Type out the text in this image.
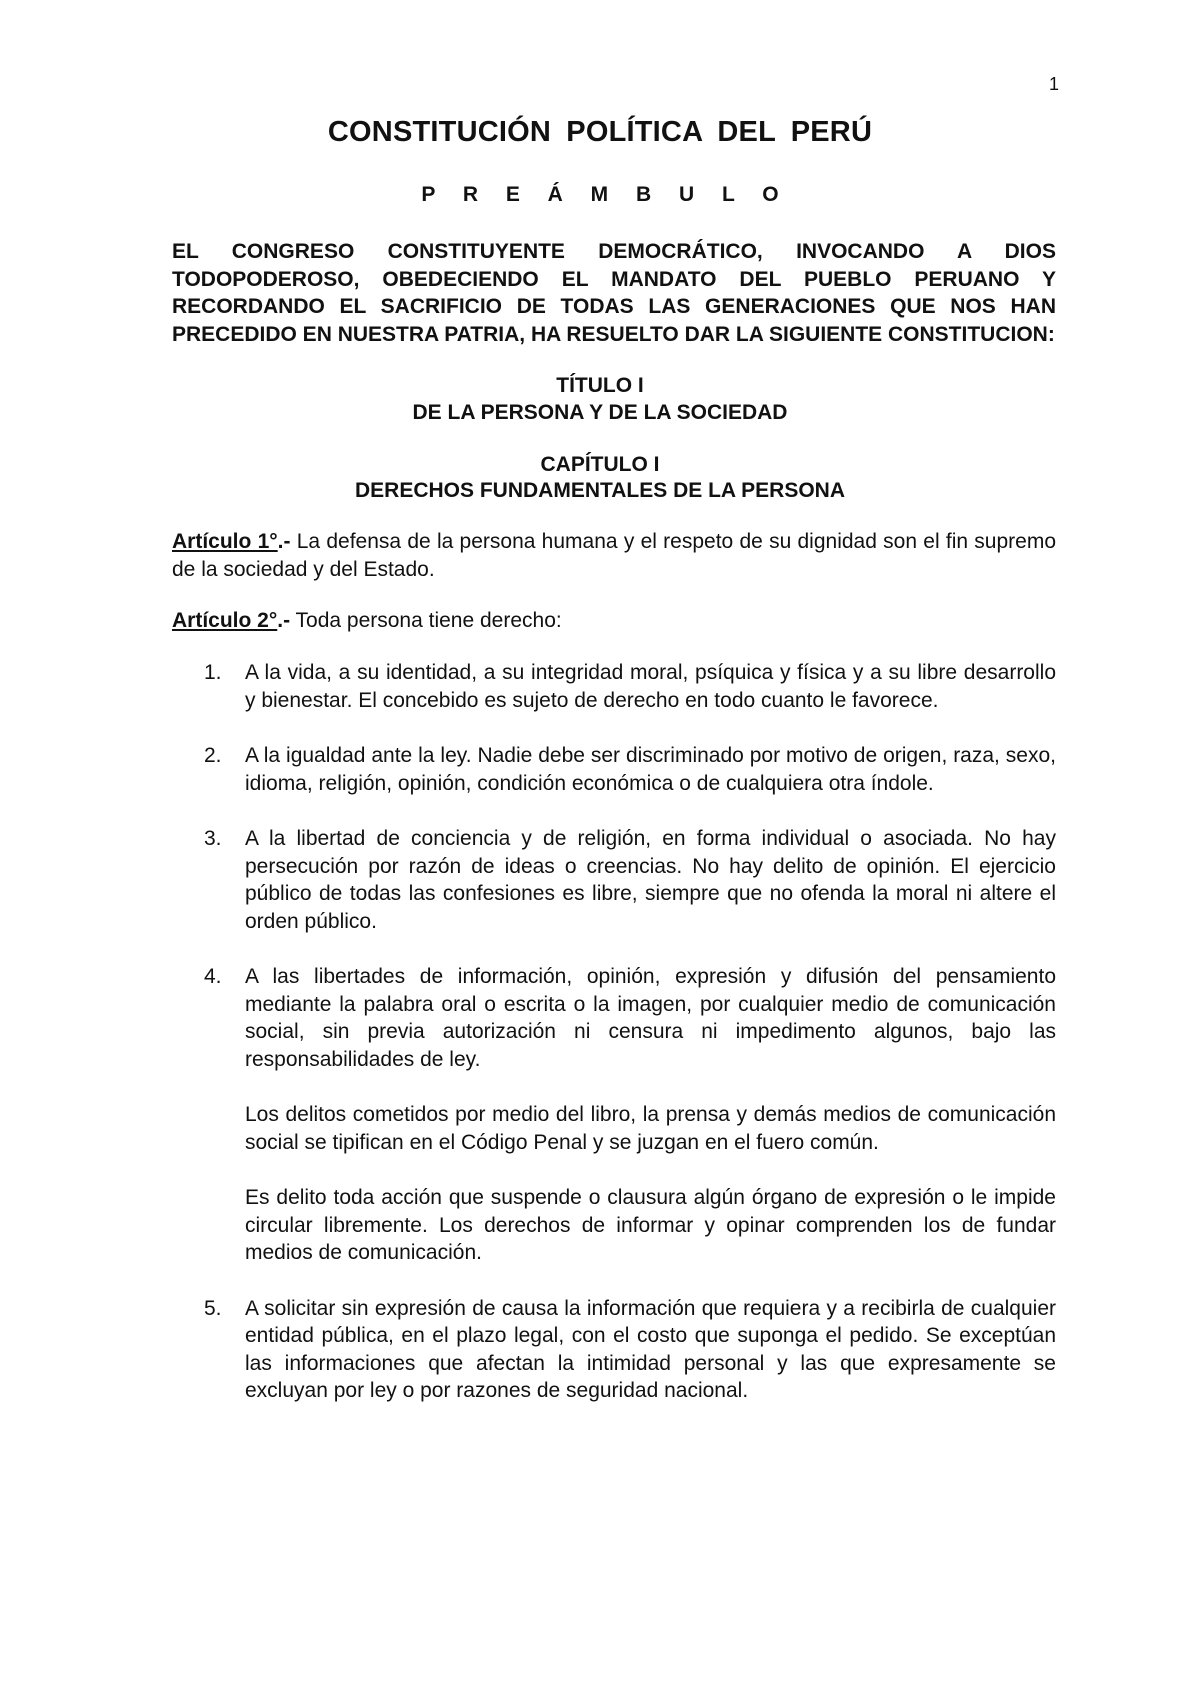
1
CONSTITUCIÓN POLÍTICA DEL PERÚ
P R E Á M B U L O
EL CONGRESO CONSTITUYENTE DEMOCRÁTICO, INVOCANDO A DIOS TODOPODEROSO, OBEDECIENDO EL MANDATO DEL PUEBLO PERUANO Y RECORDANDO EL SACRIFICIO DE TODAS LAS GENERACIONES QUE NOS HAN PRECEDIDO EN NUESTRA PATRIA, HA RESUELTO DAR LA SIGUIENTE CONSTITUCION:
TÍTULO I
DE LA PERSONA Y DE LA SOCIEDAD
CAPÍTULO I
DERECHOS FUNDAMENTALES DE LA PERSONA
Artículo 1°.- La defensa de la persona humana y el respeto de su dignidad son el fin supremo de la sociedad y del Estado.
Artículo 2°.- Toda persona tiene derecho:
1. A la vida, a su identidad, a su integridad moral, psíquica y física y a su libre desarrollo y bienestar. El concebido es sujeto de derecho en todo cuanto le favorece.

2. A la igualdad ante la ley. Nadie debe ser discriminado por motivo de origen, raza, sexo, idioma, religión, opinión, condición económica o de cualquiera otra índole.

3. A la libertad de conciencia y de religión, en forma individual o asociada. No hay persecución por razón de ideas o creencias. No hay delito de opinión. El ejercicio público de todas las confesiones es libre, siempre que no ofenda la moral ni altere el orden público.

4. A las libertades de información, opinión, expresión y difusión del pensamiento mediante la palabra oral o escrita o la imagen, por cualquier medio de comunicación social, sin previa autorización ni censura ni impedimento algunos, bajo las responsabilidades de ley.

Los delitos cometidos por medio del libro, la prensa y demás medios de comunicación social se tipifican en el Código Penal y se juzgan en el fuero común.

Es delito toda acción que suspende o clausura algún órgano de expresión o le impide circular libremente. Los derechos de informar y opinar comprenden los de fundar medios de comunicación.

5. A solicitar sin expresión de causa la información que requiera y a recibirla de cualquier entidad pública, en el plazo legal, con el costo que suponga el pedido. Se exceptúan las informaciones que afectan la intimidad personal y las que expresamente se excluyan por ley o por razones de seguridad nacional.
